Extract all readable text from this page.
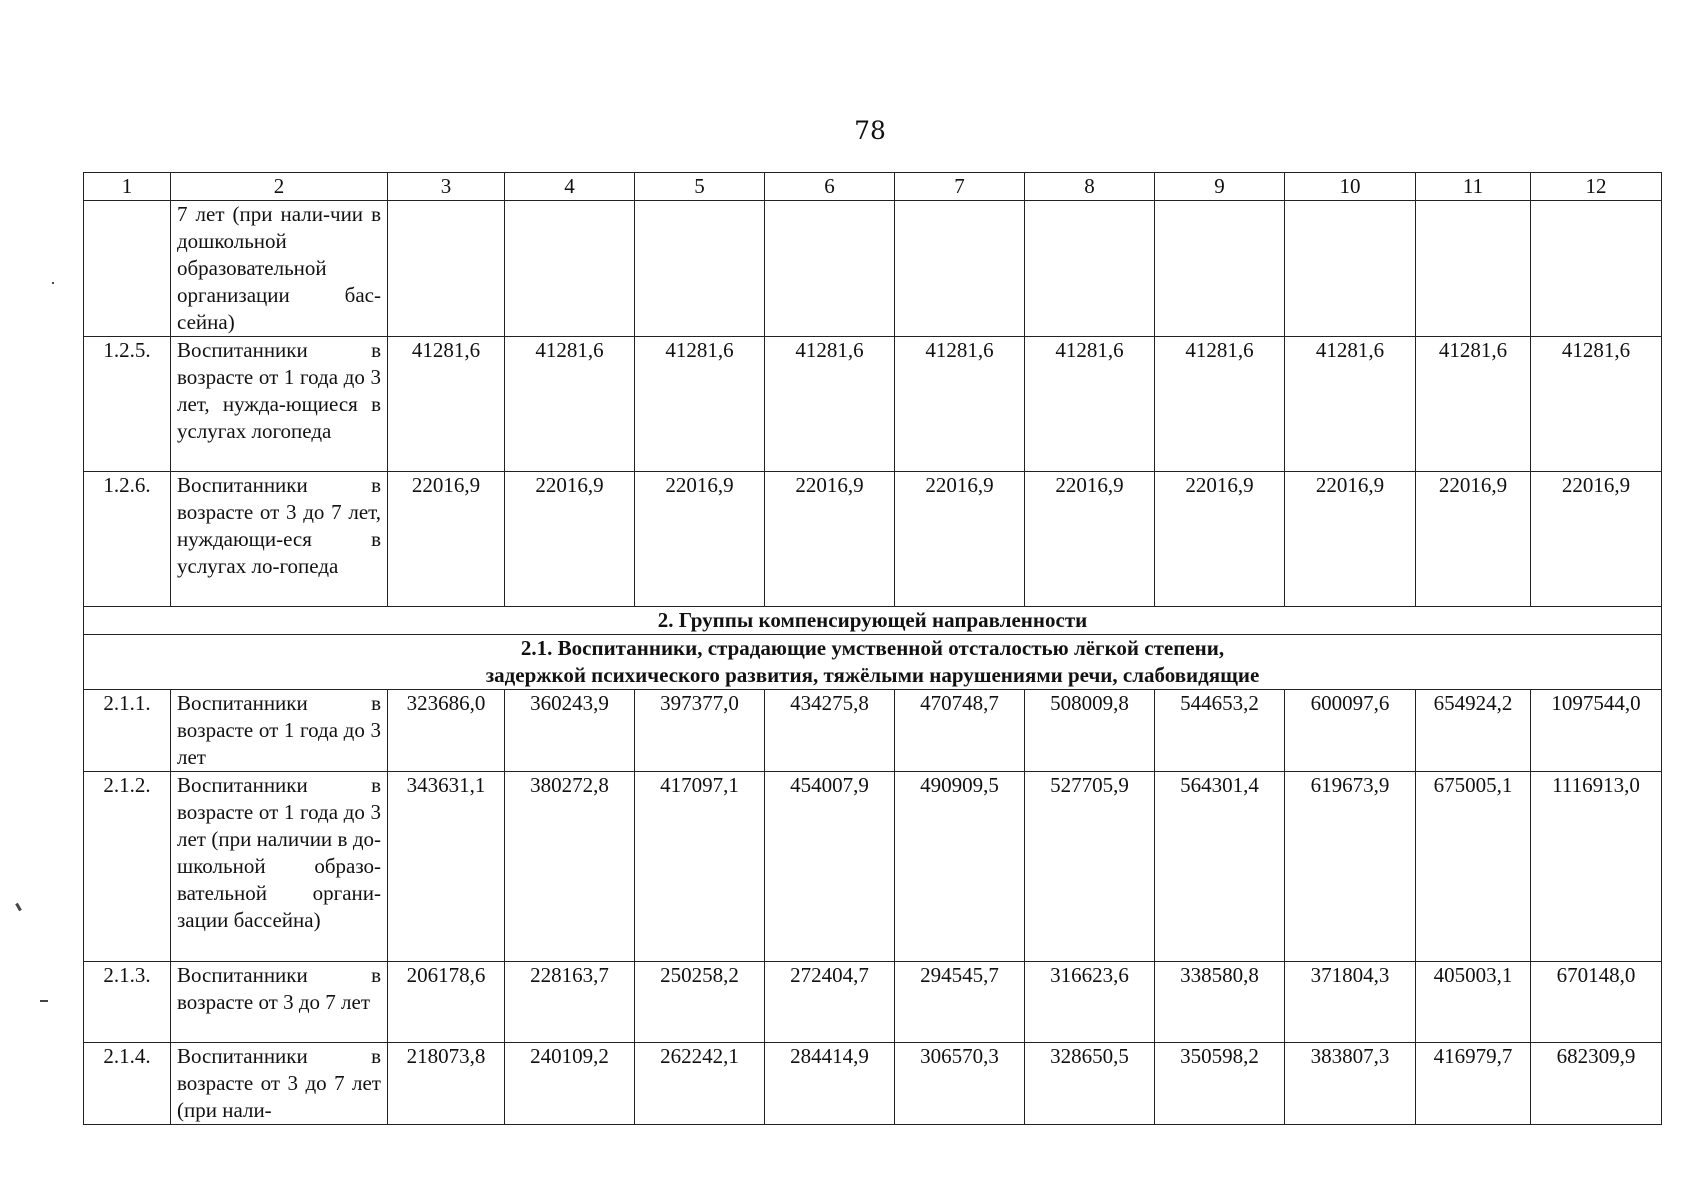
78
1	2	3	4	5	6	7	8	9	10	11	12
	7 лет (при нали-чии в дошкольной образовательной организации бас-сейна)										
1.2.5.	Воспитанники в возрасте от 1 года до 3 лет, нужда-ющиеся в услугах логопеда	41281,6	41281,6	41281,6	41281,6	41281,6	41281,6	41281,6	41281,6	41281,6	41281,6
1.2.6.	Воспитанники в возрасте от 3 до 7 лет, нуждающи-еся в услугах ло-гопеда	22016,9	22016,9	22016,9	22016,9	22016,9	22016,9	22016,9	22016,9	22016,9	22016,9
2. Группы компенсирующей направленности											

2.1. Воспитанники, страдающие умственной отсталостью лёгкой степени,
задержкой психического развития, тяжёлыми нарушениями речи, слабовидящие											

2.1.1.	Воспитанники в возрасте от 1 года до 3 лет	323686,0	360243,9	397377,0	434275,8	470748,7	508009,8	544653,2	600097,6	654924,2	1097544,0
2.1.2.	Воспитанники в возрасте от 1 года до 3 лет (при наличии в до-школьной образо-вательной органи-зации бассейна)	343631,1	380272,8	417097,1	454007,9	490909,5	527705,9	564301,4	619673,9	675005,1	1116913,0
2.1.3.	Воспитанники в возрасте от 3 до 7 лет	206178,6	228163,7	250258,2	272404,7	294545,7	316623,6	338580,8	371804,3	405003,1	670148,0
2.1.4.	Воспитанники в возрасте от 3 до 7 лет (при нали-	218073,8	240109,2	262242,1	284414,9	306570,3	328650,5	350598,2	383807,3	416979,7	682309,9
